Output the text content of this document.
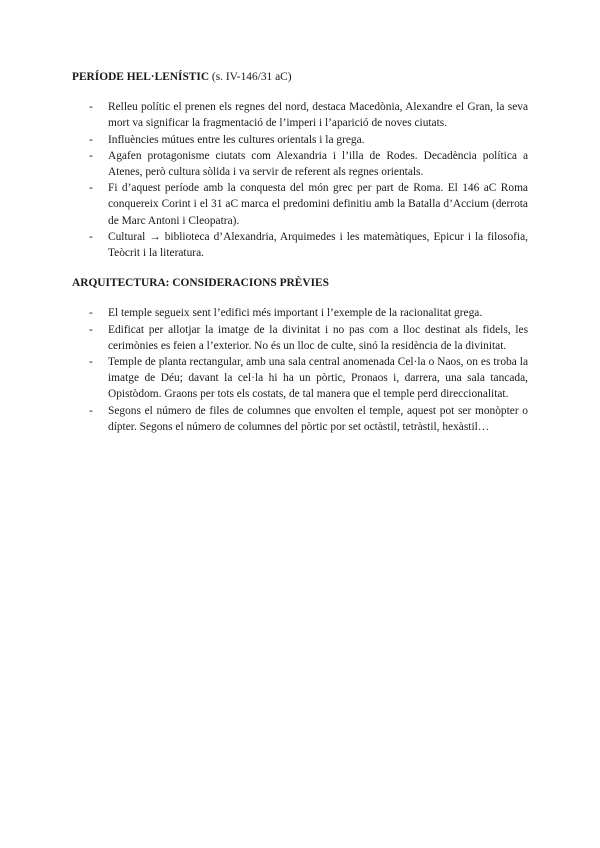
PERÍODE HEL·LENÍSTIC (s. IV-146/31 aC)

- Relleu polític el prenen els regnes del nord, destaca Macedònia, Alexandre el Gran, la seva mort va significar la fragmentació de l’imperi i l’aparició de noves ciutats.
- Influències mútues entre les cultures orientals i la grega.
- Agafen protagonisme ciutats com Alexandria i l’illa de Rodes. Decadència política a Atenes, però cultura sòlida i va servir de referent als regnes orientals.
- Fi d’aquest període amb la conquesta del món grec per part de Roma. El 146 aC Roma conquereix Corint i el 31 aC marca el predomini definitiu amb la Batalla d’Accium (derrota de Marc Antoni i Cleopatra).
- Cultural → biblioteca d’Alexandria, Arquimedes i les matemàtiques, Epicur i la filosofia, Teòcrit i la literatura.

ARQUITECTURA: CONSIDERACIONS PRÈVIES

- El temple segueix sent l’edifici més important i l’exemple de la racionalitat grega.
- Edificat per allotjar la imatge de la divinitat i no pas com a lloc destinat als fidels, les cerimònies es feien a l’exterior. No és un lloc de culte, sinó la residència de la divinitat.
- Temple de planta rectangular, amb una sala central anomenada Cel·la o Naos, on es troba la imatge de Déu; davant la cel·la hi ha un pòrtic, Pronaos i, darrera, una sala tancada, Opistòdom. Graons per tots els costats, de tal manera que el temple perd direccionalitat.
- Segons el número de files de columnes que envolten el temple, aquest pot ser monòpter o dípter. Segons el número de columnes del pòrtic por set octàstil, tetràstil, hexàstil…
